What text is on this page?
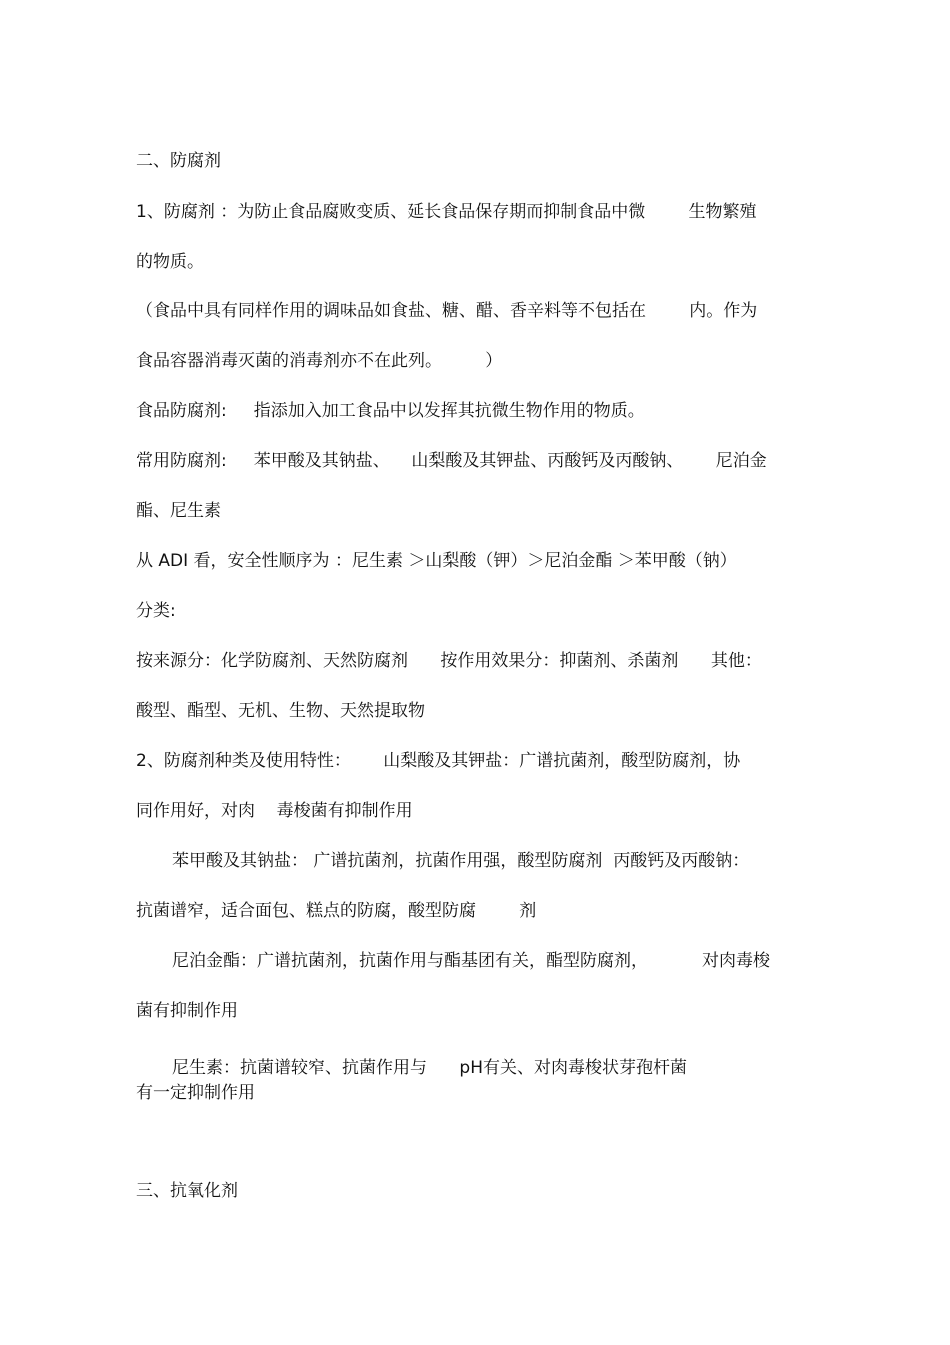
二、防腐剂
1、防腐剂 ：为防止食品腐败变质、延长食品保存期而抑制食品中微        生物繁殖
的物质。
（食品中具有同样作用的调味品如食盐、糖、醋、香辛料等不包括在        内。作为
食品容器消毒灭菌的消毒剂亦不在此列。        ）
食品防腐剂:     指添加入加工食品中以发挥其抗微生物作用的物质。
常用防腐剂:     苯甲酸及其钠盐、    山梨酸及其钾盐、丙酸钙及丙酸钠、      尼泊金
酯、尼生素
从 ADI 看，安全性顺序为 ：尼生素 ＞山梨酸（钾）＞尼泊金酯 ＞苯甲酸（钠）
分类:
按来源分：化学防腐剂、天然防腐剂      按作用效果分：抑菌剂、杀菌剂      其他：
酸型、酯型、无机、生物、天然提取物
2、防腐剂种类及使用特性：      山梨酸及其钾盐：广谱抗菌剂，酸型防腐剂，协
同作用好，对肉    毒梭菌有抑制作用
苯甲酸及其钠盐： 广谱抗菌剂，抗菌作用强，酸型防腐剂  丙酸钙及丙酸钠：
抗菌谱窄，适合面包、糕点的防腐，酸型防腐        剂
尼泊金酯：广谱抗菌剂，抗菌作用与酯基团有关，酯型防腐剂，          对肉毒梭
菌有抑制作用
尼生素：抗菌谱较窄、抗菌作用与      pH有关、对肉毒梭状芽孢杆菌
有一定抑制作用
三、抗氧化剂
